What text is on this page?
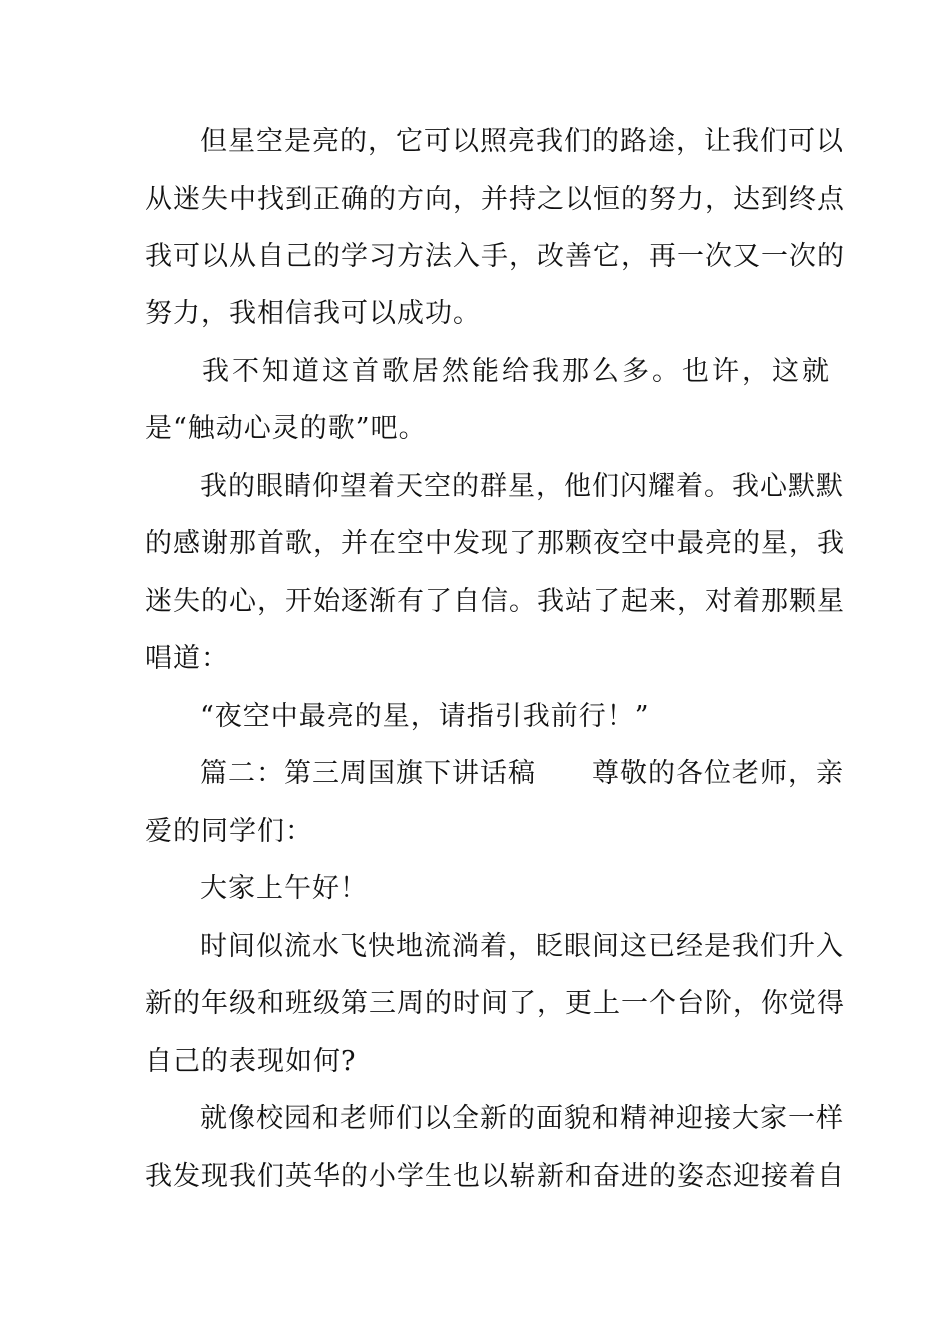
但星空是亮的，它可以照亮我们的路途，让我们可以
从迷失中找到正确的方向，并持之以恒的努力，达到终点
我可以从自己的学习方法入手，改善它，再一次又一次的
努力，我相信我可以成功。
我不知道这首歌居然能给我那么多。也许，这就
是“触动心灵的歌”吧。
我的眼睛仰望着天空的群星，他们闪耀着。我心默默
的感谢那首歌，并在空中发现了那颗夜空中最亮的星，我
迷失的心，开始逐渐有了自信。我站了起来，对着那颗星
唱道：
“夜空中最亮的星，请指引我前行！”
篇二：第三周国旗下讲话稿　　尊敬的各位老师，亲
爱的同学们：
大家上午好！
时间似流水飞快地流淌着，眨眼间这已经是我们升入
新的年级和班级第三周的时间了，更上一个台阶，你觉得
自己的表现如何?
就像校园和老师们以全新的面貌和精神迎接大家一样
我发现我们英华的小学生也以崭新和奋进的姿态迎接着自
